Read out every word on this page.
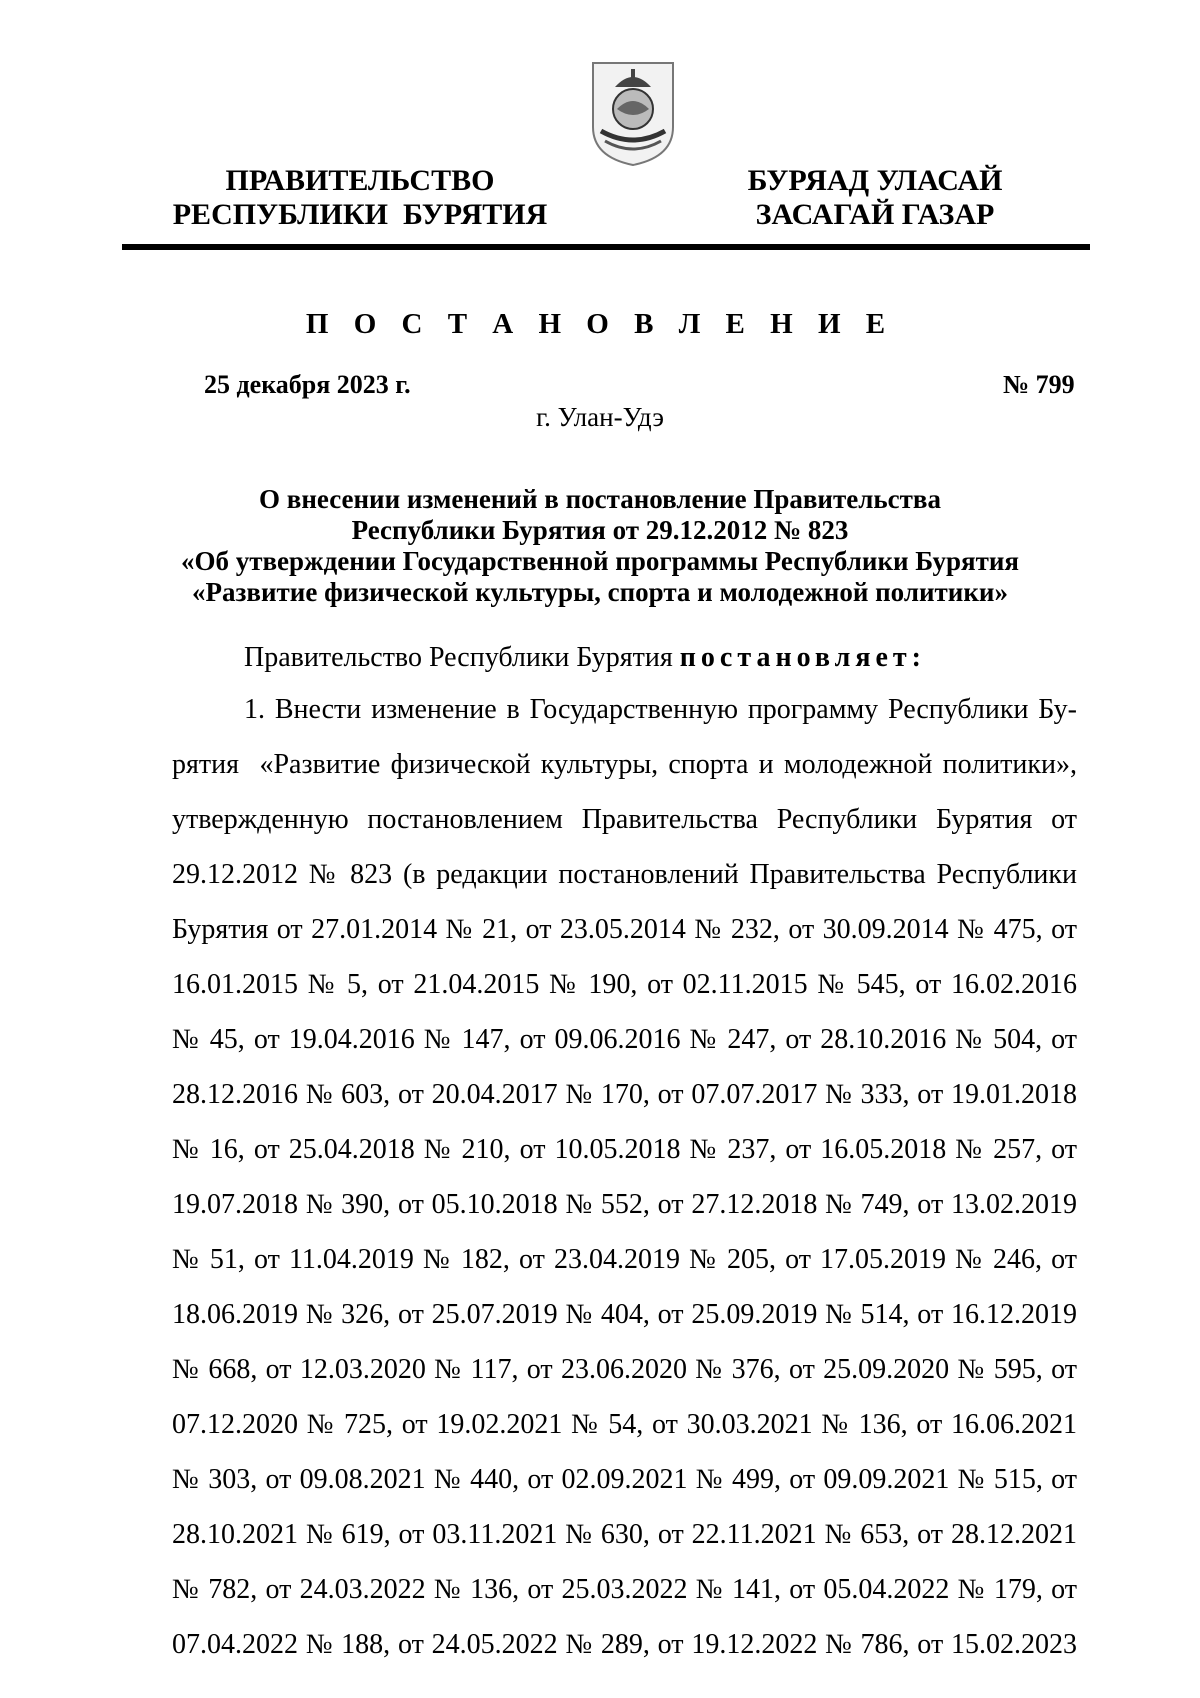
ПРАВИТЕЛЬСТВО
РЕСПУБЛИКИ  БУРЯТИЯ
БУРЯАД УЛАСАЙ
ЗАСАГАЙ ГАЗАР
П О С Т А Н О В Л Е Н И Е
25 декабря 2023 г.	№ 799
г. Улан-Удэ
О внесении изменений в постановление Правительства
Республики Бурятия от 29.12.2012 № 823
«Об утверждении Государственной программы Республики Бурятия
«Развитие физической культуры, спорта и молодежной политики»
Правительство Республики Бурятия постановляет:
1. Внести изменение в Государственную программу Республики Бу-
рятия  «Развитие физической культуры, спорта и молодежной политики»,
утвержденную постановлением Правительства Республики Бурятия от
29.12.2012 № 823 (в редакции постановлений Правительства Республики
Бурятия от 27.01.2014 № 21, от 23.05.2014 № 232, от 30.09.2014 № 475, от
16.01.2015 № 5, от 21.04.2015 № 190, от 02.11.2015 № 545, от 16.02.2016
№ 45, от 19.04.2016 № 147, от 09.06.2016 № 247, от 28.10.2016 № 504, от
28.12.2016 № 603, от 20.04.2017 № 170, от 07.07.2017 № 333, от 19.01.2018
№ 16, от 25.04.2018 № 210, от 10.05.2018 № 237, от 16.05.2018 № 257, от
19.07.2018 № 390, от 05.10.2018 № 552, от 27.12.2018 № 749, от 13.02.2019
№ 51, от 11.04.2019 № 182, от 23.04.2019 № 205, от 17.05.2019 № 246, от
18.06.2019 № 326, от 25.07.2019 № 404, от 25.09.2019 № 514, от 16.12.2019
№ 668, от 12.03.2020 № 117, от 23.06.2020 № 376, от 25.09.2020 № 595, от
07.12.2020 № 725, от 19.02.2021 № 54, от 30.03.2021 № 136, от 16.06.2021
№ 303, от 09.08.2021 № 440, от 02.09.2021 № 499, от 09.09.2021 № 515, от
28.10.2021 № 619, от 03.11.2021 № 630, от 22.11.2021 № 653, от 28.12.2021
№ 782, от 24.03.2022 № 136, от 25.03.2022 № 141, от 05.04.2022 № 179, от
07.04.2022 № 188, от 24.05.2022 № 289, от 19.12.2022 № 786, от 15.02.2023
